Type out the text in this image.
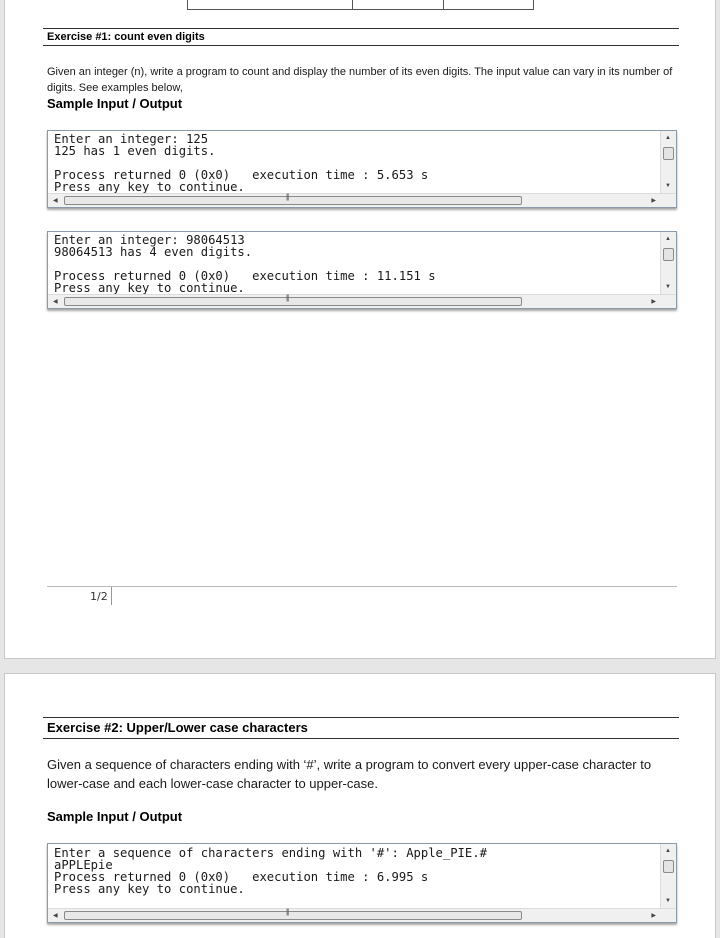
Exercise #1: count even digits
Given an integer (n), write a program to count and display the number of its even digits. The input value can vary in its number of digits. See examples below,
Sample Input / Output
Enter an integer: 125
125 has 1 even digits.
Process returned 0 (0x0)   execution time : 5.653 s
Press any key to continue.
▲
▼
◀	|||	▶
Enter an integer: 98064513
98064513 has 4 even digits.
Process returned 0 (0x0)   execution time : 11.151 s
Press any key to continue.
▲
▼
◀	|||	▶
1/2
Exercise #2: Upper/Lower case characters
Given a sequence of characters ending with ‘#’, write a program to convert every upper-case character to lower-case and each lower-case character to upper-case.
Sample Input / Output
Enter a sequence of characters ending with '#': Apple_PIE.#
aPPLEpie
Process returned 0 (0x0)   execution time : 6.995 s
Press any key to continue.
▲
▼
◀	|||	▶
